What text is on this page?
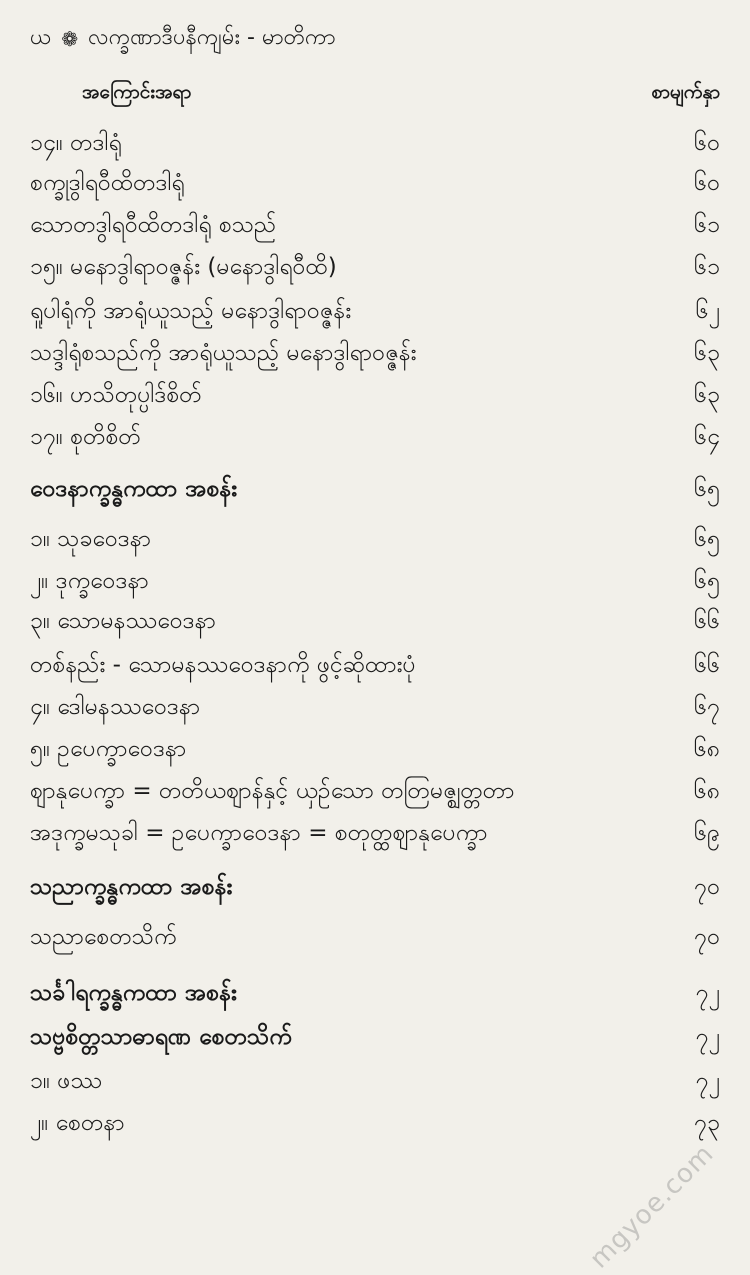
ယ ❁ လက္ခဏာဒီပနီကျမ်း - မာတိကာ
အကြောင်းအရာ	စာမျက်နှာ
၁၄။ တဒါရုံ	၆၀
စက္ခုဒွါရဝီထိတဒါရုံ	၆၀
သောတဒွါရဝီထိတဒါရုံ စသည်	၆၁
၁၅။ မနောဒွါရာဝဇ္ဇန်း (မနောဒွါရဝီထိ)	၆၁
ရူပါရုံကို အာရုံယူသည့် မနောဒွါရာဝဇ္ဇန်း	၆၂
သဒ္ဒါရုံစသည်ကို အာရုံယူသည့် မနောဒွါရာဝဇ္ဇန်း	၆၃
၁၆။ ဟသိတုပ္ပါဒ်စိတ်	၆၃
၁၇။ စုတိစိတ်	၆၄
ဝေဒနာက္ခန္ဓကထာ အစန်း	၆၅
၁။ သုခဝေဒနာ	၆၅
၂။ ဒုက္ခဝေဒနာ	၆၅
၃။ သောမနဿဝေဒနာ	၆၆
တစ်နည်း - သောမနဿဝေဒနာကို ဖွင့်ဆိုထားပုံ	၆၆
၄။ ဒေါမနဿဝေဒနာ	၆၇
၅။ ဥပေက္ခာဝေဒနာ	၆၈
ဈာနုပေက္ခာ = တတိယဈာန်နှင့် ယှဉ်သော တတြမဇ္ဈတ္တတာ	၆၈
အဒုက္ခမသုခါ = ဥပေက္ခာဝေဒနာ = စတုတ္ထဈာနုပေက္ခာ	၆၉
သညာက္ခန္ဓကထာ အစန်း	၇၀
သညာစေတသိက်	၇၀
သင်္ခါရက္ခန္ဓကထာ အစန်း	၇၂
သဗ္ဗစိတ္တသာဓာရဏ စေတသိက်	၇၂
၁။ ဖဿ	၇၂
၂။ စေတနာ	၇၃
mgyoe.com
